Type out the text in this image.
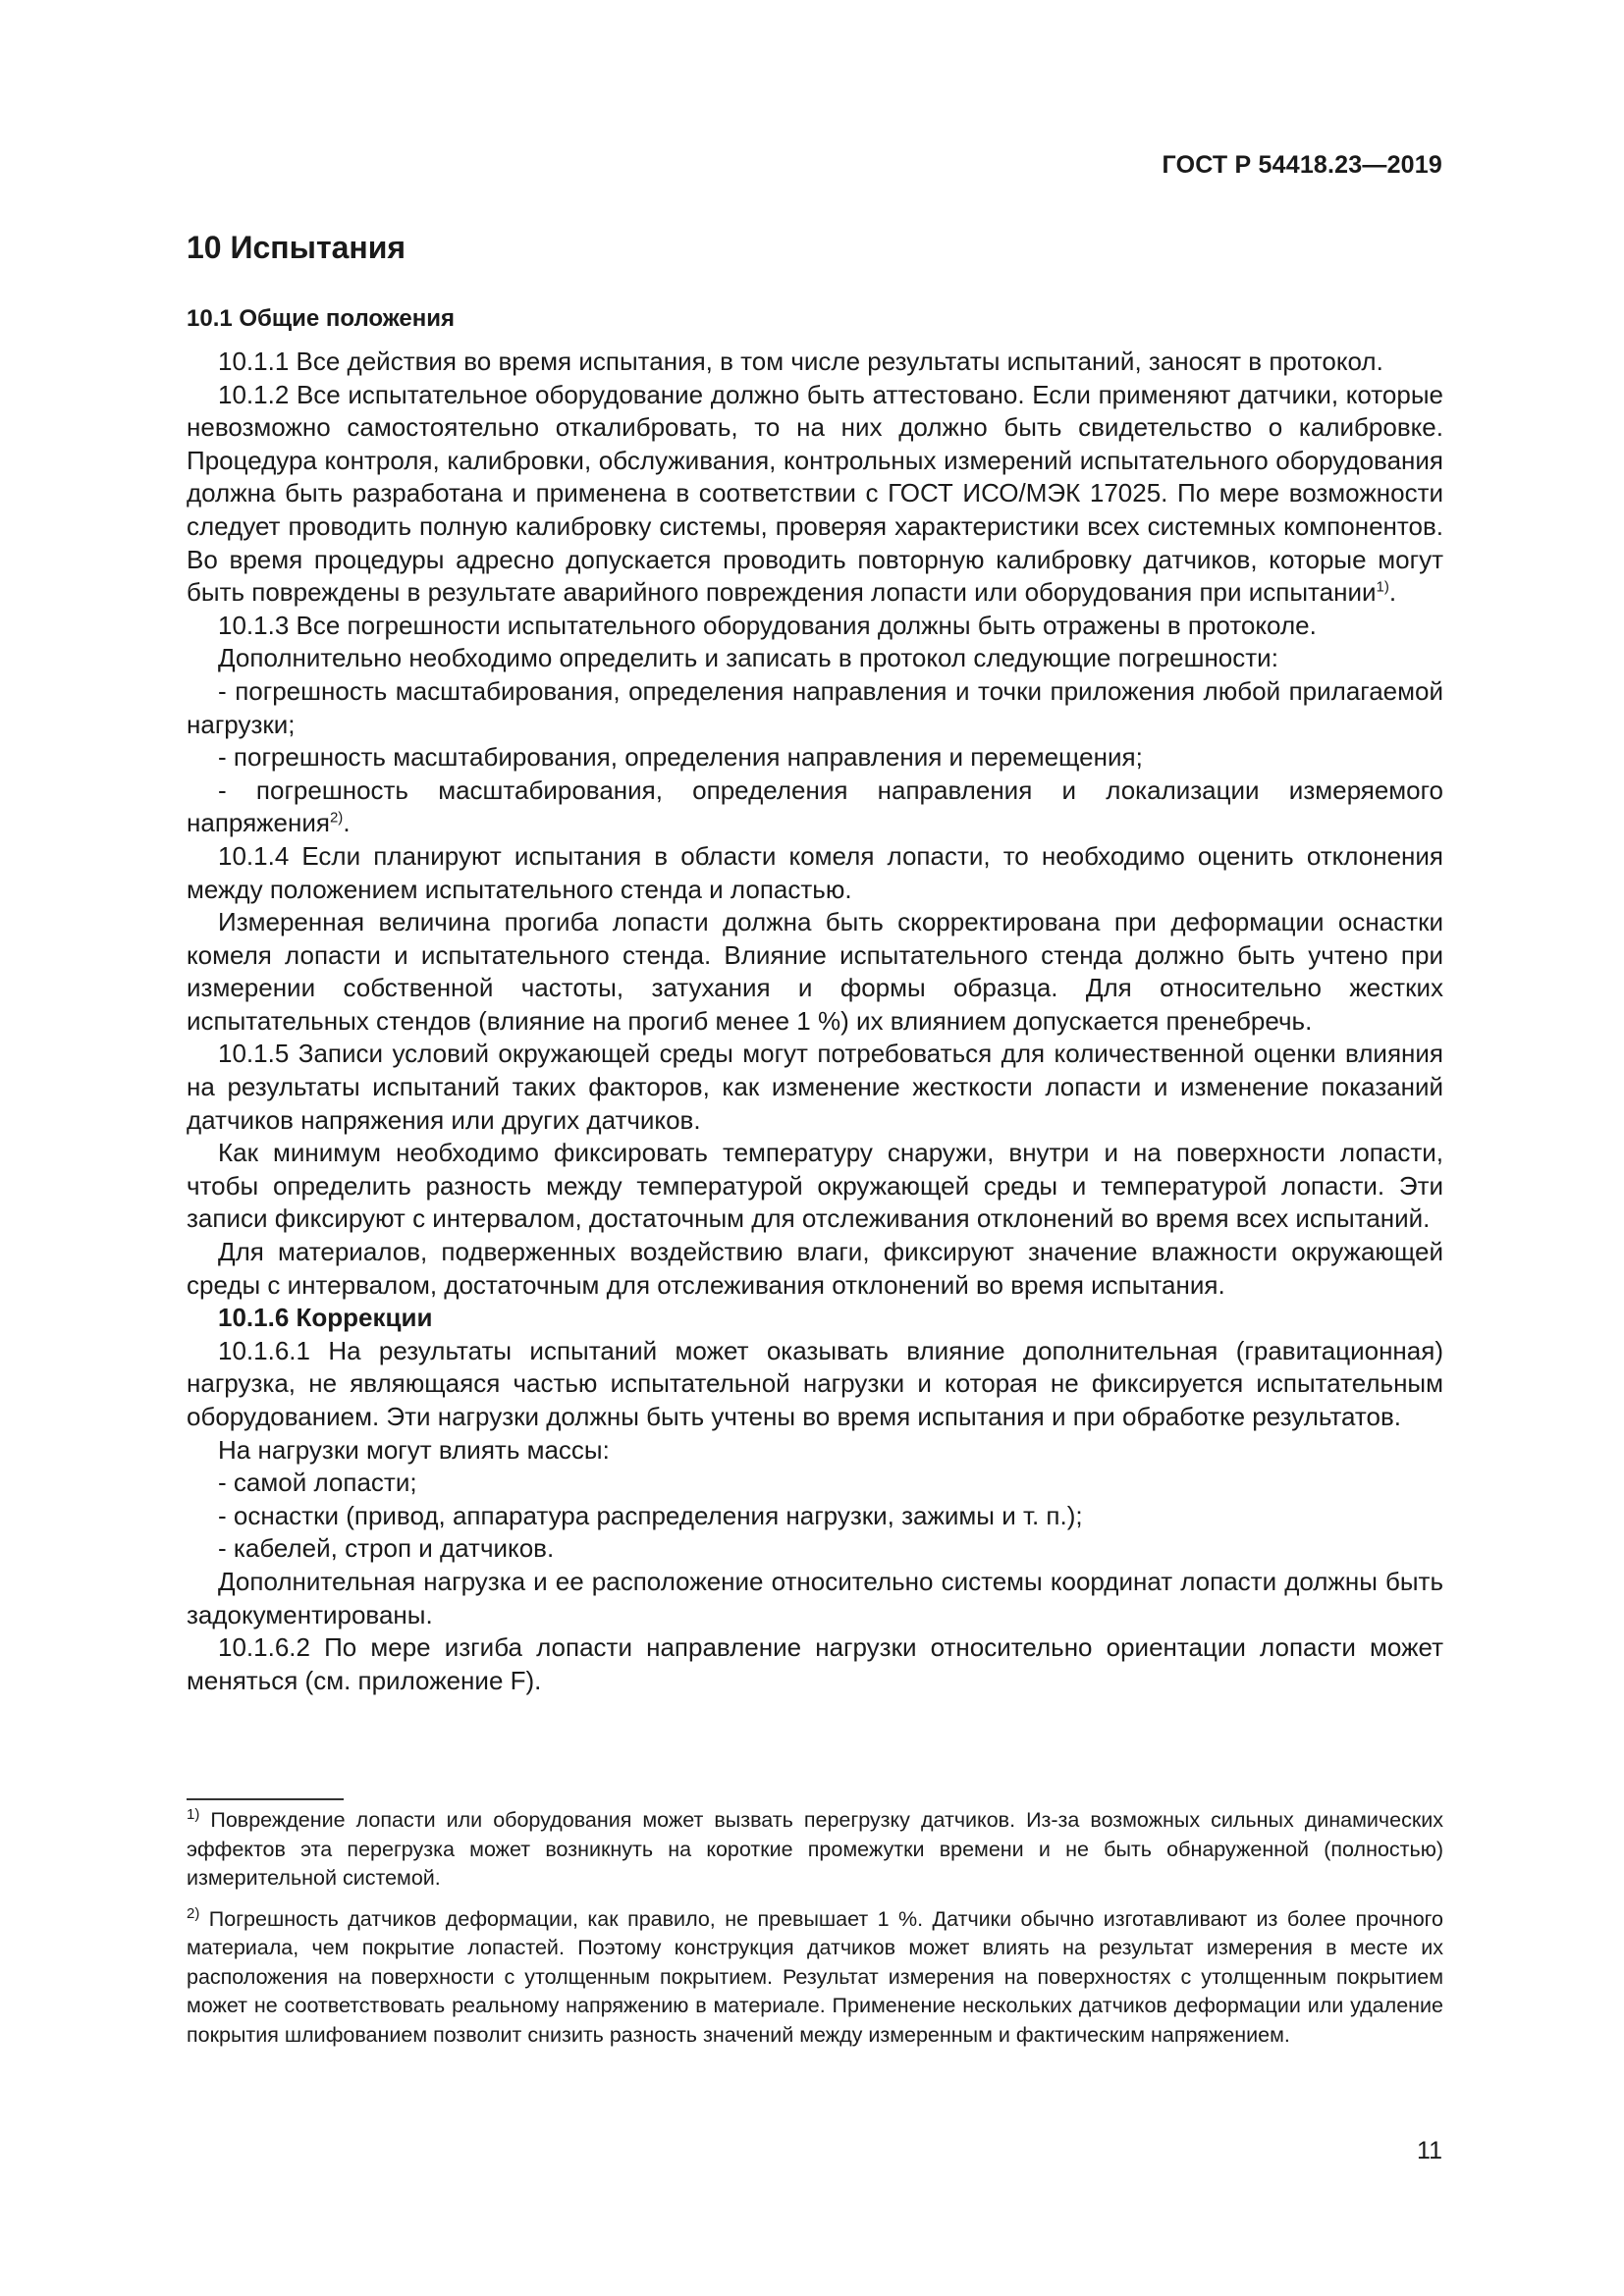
ГОСТ Р 54418.23—2019
10 Испытания
10.1 Общие положения

10.1.1 Все действия во время испытания, в том числе результаты испытаний, заносят в протокол.

10.1.2 Все испытательное оборудование должно быть аттестовано. Если применяют датчики, которые невозможно самостоятельно откалибровать, то на них должно быть свидетельство о калибровке. Процедура контроля, калибровки, обслуживания, контрольных измерений испытательного оборудования должна быть разработана и применена в соответствии с ГОСТ ИСО/МЭК 17025. По мере возможности следует проводить полную калибровку системы, проверяя характеристики всех системных компонентов. Во время процедуры адресно допускается проводить повторную калибровку датчиков, которые могут быть повреждены в результате аварийного повреждения лопасти или оборудования при испытании$^{1)}$.

10.1.3 Все погрешности испытательного оборудования должны быть отражены в протоколе.

Дополнительно необходимо определить и записать в протокол следующие погрешности:

- погрешность масштабирования, определения направления и точки приложения любой прилагаемой нагрузки;

- погрешность масштабирования, определения направления и перемещения;

- погрешность масштабирования, определения направления и локализации измеряемого напряжения$^{2)}$.

10.1.4 Если планируют испытания в области комеля лопасти, то необходимо оценить отклонения между положением испытательного стенда и лопастью.

Измеренная величина прогиба лопасти должна быть скорректирована при деформации оснастки комеля лопасти и испытательного стенда. Влияние испытательного стенда должно быть учтено при измерении собственной частоты, затухания и формы образца. Для относительно жестких испытательных стендов (влияние на прогиб менее 1 %) их влиянием допускается пренебречь.

10.1.5 Записи условий окружающей среды могут потребоваться для количественной оценки влияния на результаты испытаний таких факторов, как изменение жесткости лопасти и изменение показаний датчиков напряжения или других датчиков.

Как минимум необходимо фиксировать температуру снаружи, внутри и на поверхности лопасти, чтобы определить разность между температурой окружающей среды и температурой лопасти. Эти записи фиксируют с интервалом, достаточным для отслеживания отклонений во время всех испытаний.

Для материалов, подверженных воздействию влаги, фиксируют значение влажности окружающей среды с интервалом, достаточным для отслеживания отклонений во время испытания.

10.1.6 Коррекции

10.1.6.1 На результаты испытаний может оказывать влияние дополнительная (гравитационная) нагрузка, не являющаяся частью испытательной нагрузки и которая не фиксируется испытательным оборудованием. Эти нагрузки должны быть учтены во время испытания и при обработке результатов.

На нагрузки могут влиять массы:

- самой лопасти;

- оснастки (привод, аппаратура распределения нагрузки, зажимы и т. п.);

- кабелей, строп и датчиков.

Дополнительная нагрузка и ее расположение относительно системы координат лопасти должны быть задокументированы.

10.1.6.2 По мере изгиба лопасти направление нагрузки относительно ориентации лопасти может меняться (см. приложение F).

$^{1)}$ Повреждение лопасти или оборудования может вызвать перегрузку датчиков. Из-за возможных сильных динамических эффектов эта перегрузка может возникнуть на короткие промежутки времени и не быть обнаруженной (полностью) измерительной системой.

$^{2)}$ Погрешность датчиков деформации, как правило, не превышает 1 %. Датчики обычно изготавливают из более прочного материала, чем покрытие лопастей. Поэтому конструкция датчиков может влиять на результат измерения в месте их расположения на поверхности с утолщенным покрытием. Результат измерения на поверхностях с утолщенным покрытием может не соответствовать реальному напряжению в материале. Применение нескольких датчиков деформации или удаление покрытия шлифованием позволит снизить разность значений между измеренным и фактическим напряжением.

11
